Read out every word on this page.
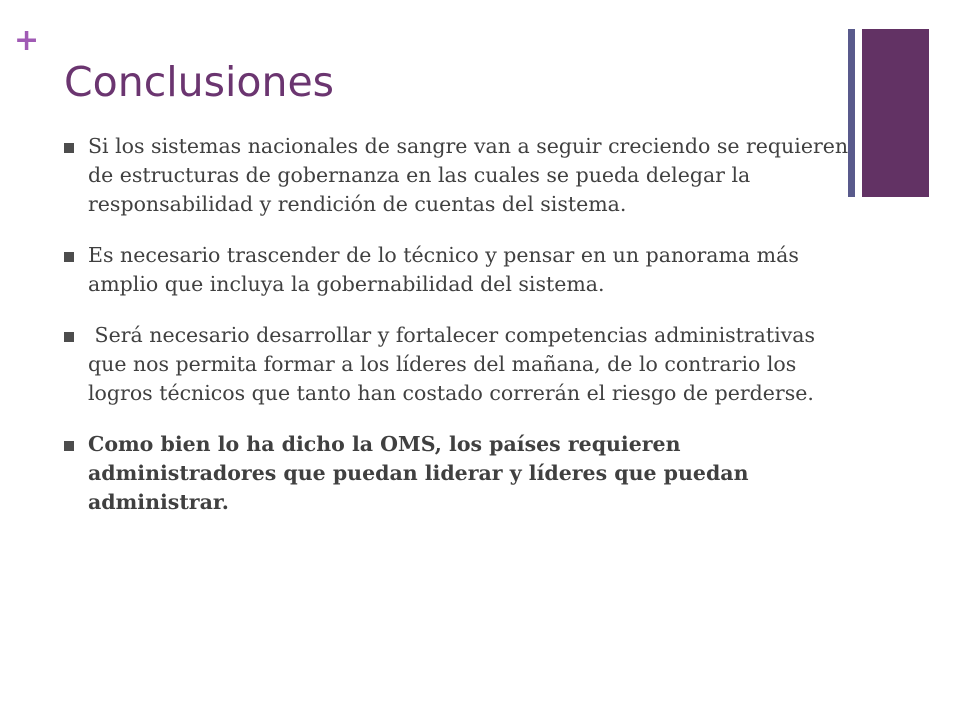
+
Conclusiones
Si los sistemas nacionales de sangre van a seguir creciendo se requieren de estructuras de gobernanza en las cuales se pueda delegar la responsabilidad y rendición de cuentas del sistema.
Es necesario trascender de lo técnico y pensar en un panorama más amplio que incluya la gobernabilidad del sistema.
Será necesario desarrollar y fortalecer competencias administrativas que nos permita formar a los líderes del mañana, de lo contrario los logros técnicos que tanto han costado correrán el riesgo de perderse.
Como bien lo ha dicho la OMS, los países requieren administradores que puedan liderar y líderes que puedan administrar.
